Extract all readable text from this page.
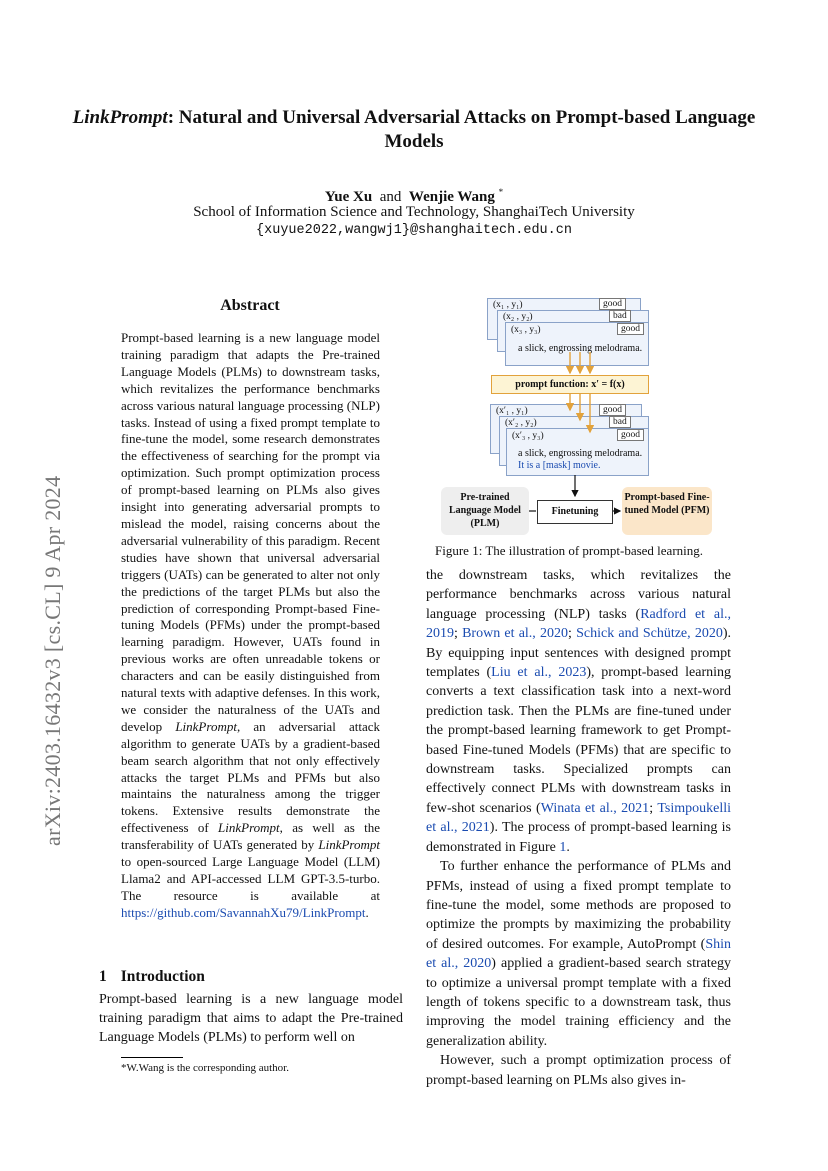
LinkPrompt: Natural and Universal Adversarial Attacks on Prompt-based Language Models
Yue Xu and Wenjie Wang *
School of Information Science and Technology, ShanghaiTech University
{xuyue2022,wangwj1}@shanghaitech.edu.cn
arXiv:2403.16432v3 [cs.CL] 9 Apr 2024
Abstract

Prompt-based learning is a new language model training paradigm that adapts the Pre-trained Language Models (PLMs) to downstream tasks, which revitalizes the performance benchmarks across various natural language processing (NLP) tasks. Instead of using a fixed prompt template to fine-tune the model, some research demonstrates the effectiveness of searching for the prompt via optimization. Such prompt optimization process of prompt-based learning on PLMs also gives insight into generating adversarial prompts to mislead the model, raising concerns about the adversarial vulnerability of this paradigm. Recent studies have shown that universal adversarial triggers (UATs) can be generated to alter not only the predictions of the target PLMs but also the prediction of corresponding Prompt-based Fine-tuning Models (PFMs) under the prompt-based learning paradigm. However, UATs found in previous works are often unreadable tokens or characters and can be easily distinguished from natural texts with adaptive defenses. In this work, we consider the naturalness of the UATs and develop LinkPrompt, an adversarial attack algorithm to generate UATs by a gradient-based beam search algorithm that not only effectively attacks the target PLMs and PFMs but also maintains the naturalness among the trigger tokens. Extensive results demonstrate the effectiveness of LinkPrompt, as well as the transferability of UATs generated by LinkPrompt to open-sourced Large Language Model (LLM) Llama2 and API-accessed LLM GPT-3.5-turbo. The resource is available at https://github.com/SavannahXu79/LinkPrompt.

1 Introduction
Prompt-based learning is a new language model training paradigm that aims to adapt the Pre-trained Language Models (PLMs) to perform well on
*W.Wang is the corresponding author.
(x₁ , y₁)	good
(x₂ , y₂)	bad
(x₃ , y₃)
a slick, engrossing melodrama.
good
prompt function: x′ = f(x)
(x′₁ , y₁)	good
(x′₂ , y₂)	bad
(x′₃ , y₃)
a slick, engrossing melodrama.
It is a [mask] movie.
good
Pre-trained Language Model (PLM)
Finetuning
Prompt-based Fine-tuned Model (PFM)
Figure 1: The illustration of prompt-based learning.

the downstream tasks, which revitalizes the performance benchmarks across various natural language processing (NLP) tasks (Radford et al., 2019; Brown et al., 2020; Schick and Schütze, 2020). By equipping input sentences with designed prompt templates (Liu et al., 2023), prompt-based learning converts a text classification task into a next-word prediction task. Then the PLMs are fine-tuned under the prompt-based learning framework to get Prompt-based Fine-tuned Models (PFMs) that are specific to downstream tasks. Specialized prompts can effectively connect PLMs with downstream tasks in few-shot scenarios (Winata et al., 2021; Tsimpoukelli et al., 2021). The process of prompt-based learning is demonstrated in Figure 1.

To further enhance the performance of PLMs and PFMs, instead of using a fixed prompt template to fine-tune the model, some methods are proposed to optimize the prompts by maximizing the probability of desired outcomes. For example, AutoPrompt (Shin et al., 2020) applied a gradient-based search strategy to optimize a universal prompt template with a fixed length of tokens specific to a downstream task, thus improving the model training efficiency and the generalization ability.

However, such a prompt optimization process of prompt-based learning on PLMs also gives in-
